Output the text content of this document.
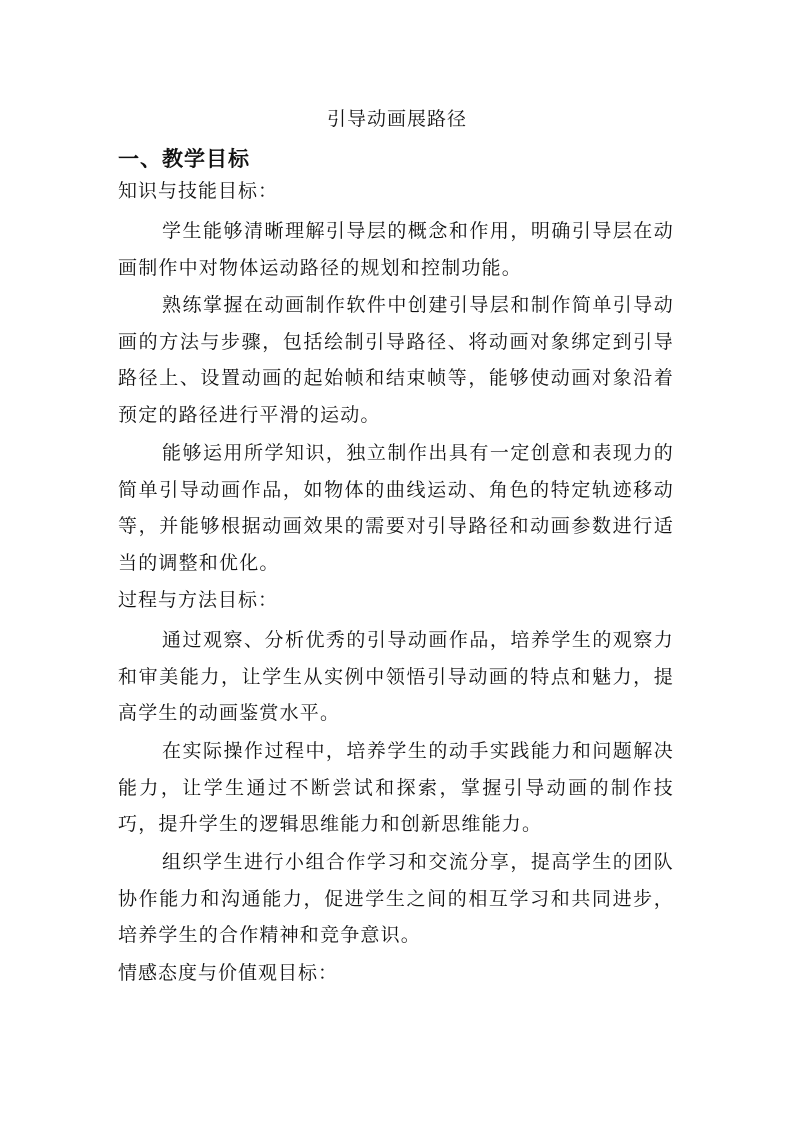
引导动画展路径
一、教学目标
知识与技能目标：

学生能够清晰理解引导层的概念和作用，明确引导层在动画制作中对物体运动路径的规划和控制功能。

熟练掌握在动画制作软件中创建引导层和制作简单引导动画的方法与步骤，包括绘制引导路径、将动画对象绑定到引导路径上、设置动画的起始帧和结束帧等，能够使动画对象沿着预定的路径进行平滑的运动。

能够运用所学知识，独立制作出具有一定创意和表现力的简单引导动画作品，如物体的曲线运动、角色的特定轨迹移动等，并能够根据动画效果的需要对引导路径和动画参数进行适当的调整和优化。

过程与方法目标：

通过观察、分析优秀的引导动画作品，培养学生的观察力和审美能力，让学生从实例中领悟引导动画的特点和魅力，提高学生的动画鉴赏水平。

在实际操作过程中，培养学生的动手实践能力和问题解决能力，让学生通过不断尝试和探索，掌握引导动画的制作技巧，提升学生的逻辑思维能力和创新思维能力。

组织学生进行小组合作学习和交流分享，提高学生的团队协作能力和沟通能力，促进学生之间的相互学习和共同进步，培养学生的合作精神和竞争意识。

情感态度与价值观目标：
